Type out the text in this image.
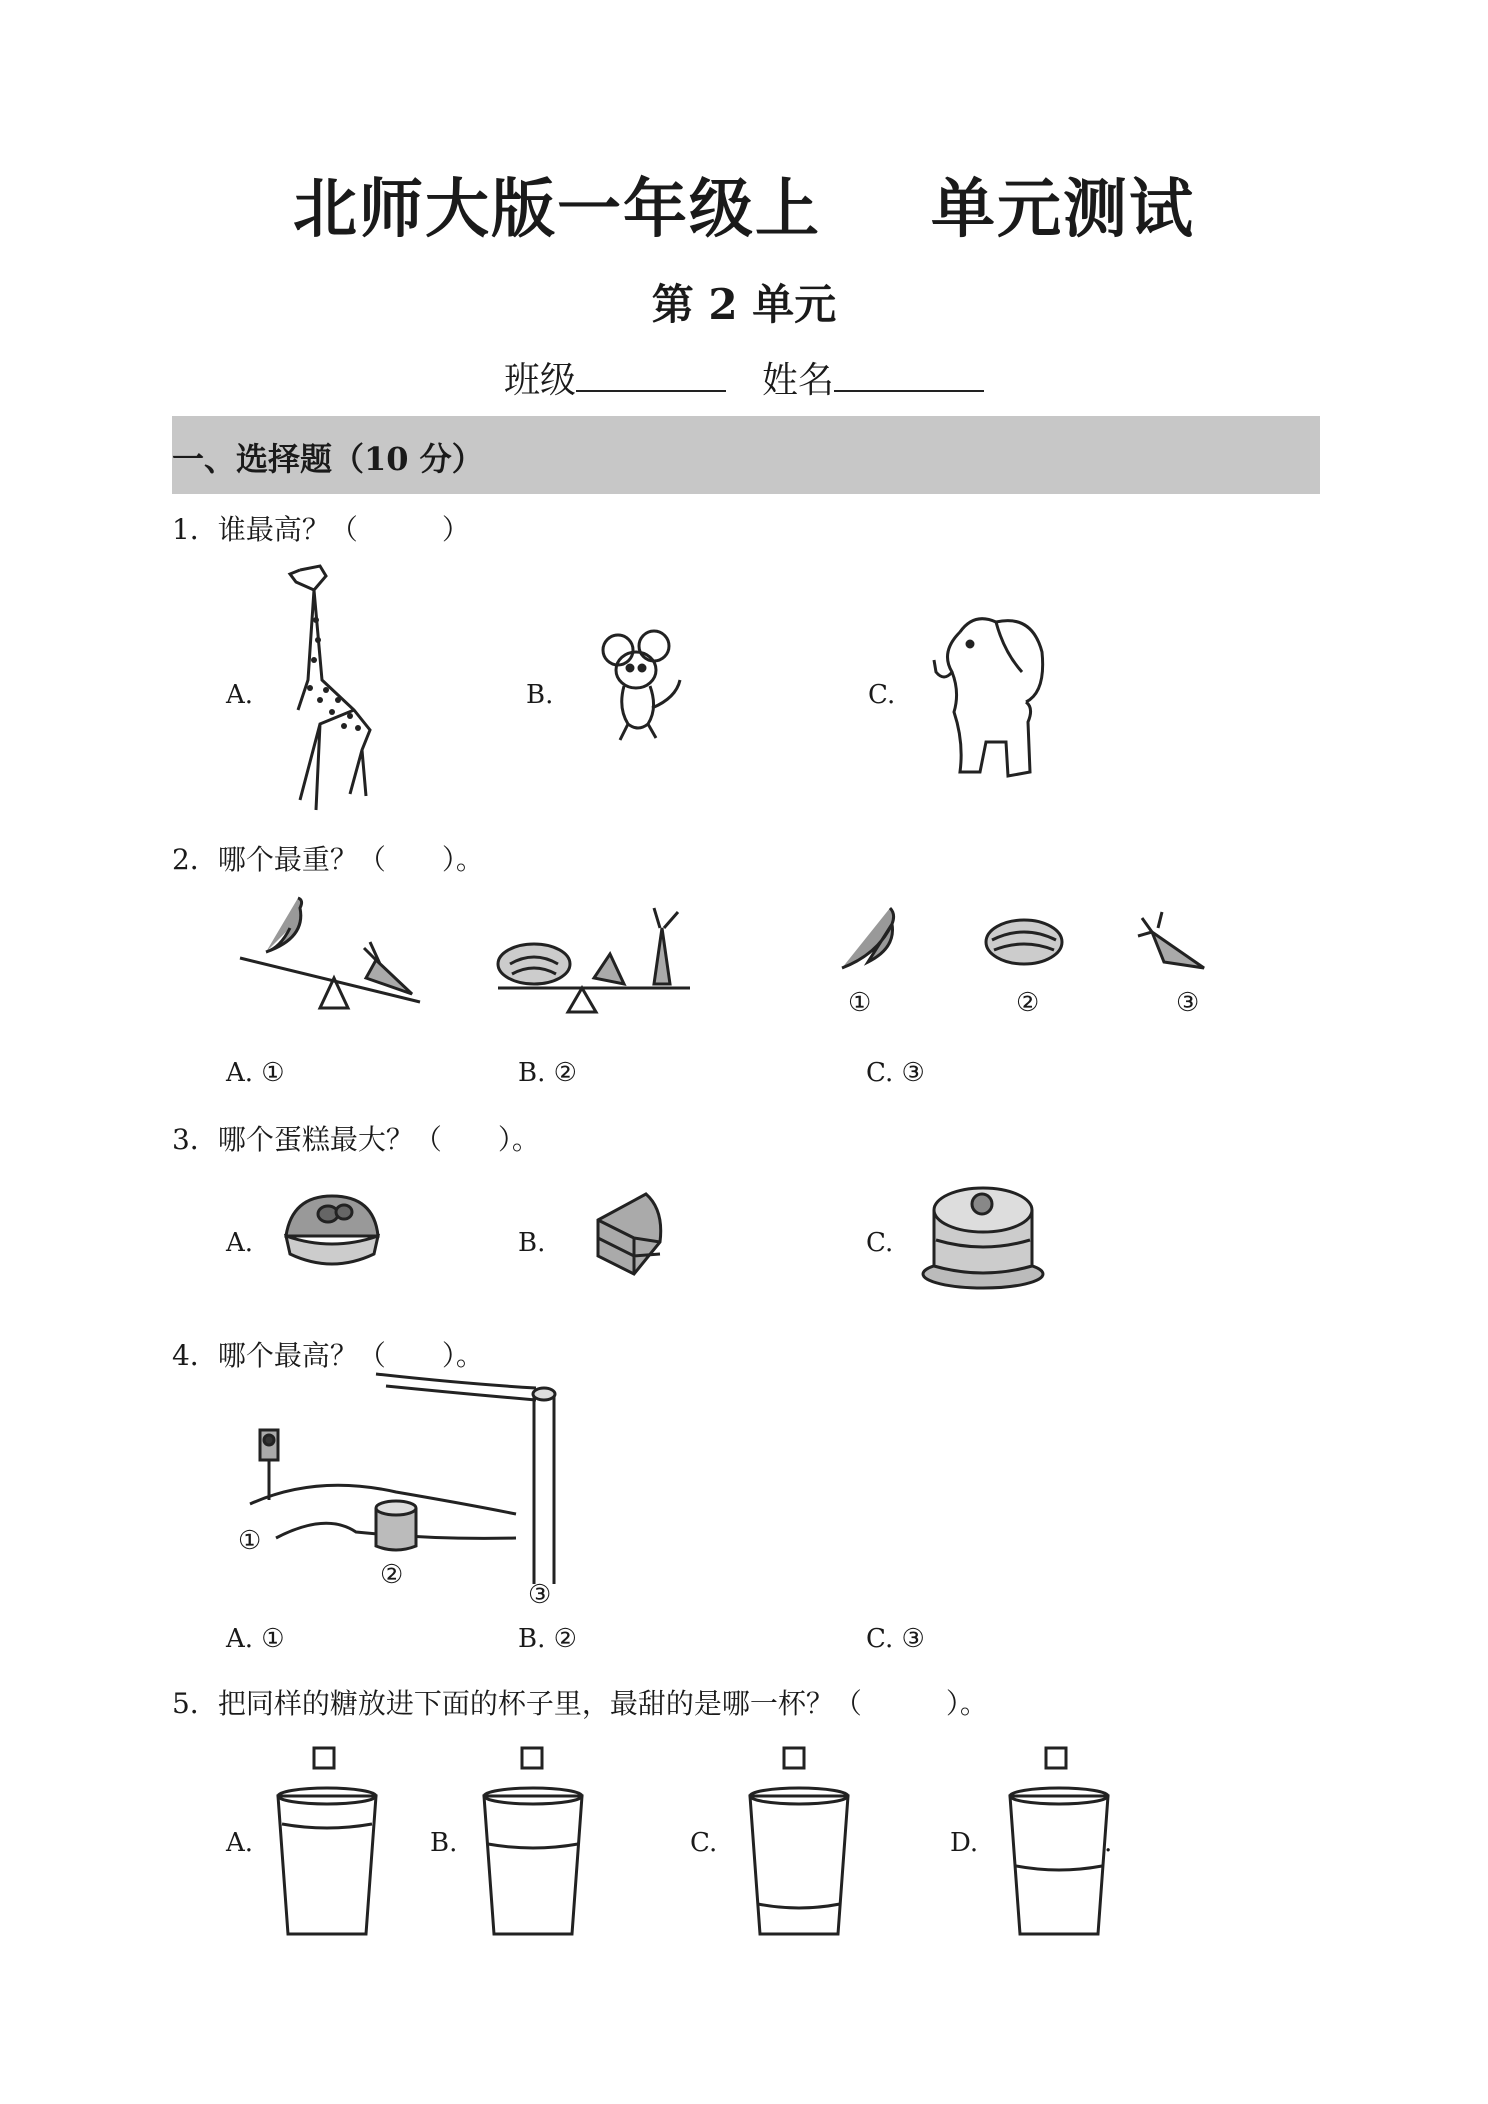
北师大版一年级上 单元测试
第 2 单元
班级	姓名
一、选择题（10 分）
1．谁最高？（　　　）
A.	B.	C.
2．哪个最重？（　　）。
①	②	③
A. ①	B. ②	C. ③
3．哪个蛋糕最大？（　　）。
A.	B.	C.
4．哪个最高？（　　）。
①
②
③
A. ①	B. ②	C. ③
5．把同样的糖放进下面的杯子里，最甜的是哪一杯？（　　　）。
A.	B.	C.	D.	.
